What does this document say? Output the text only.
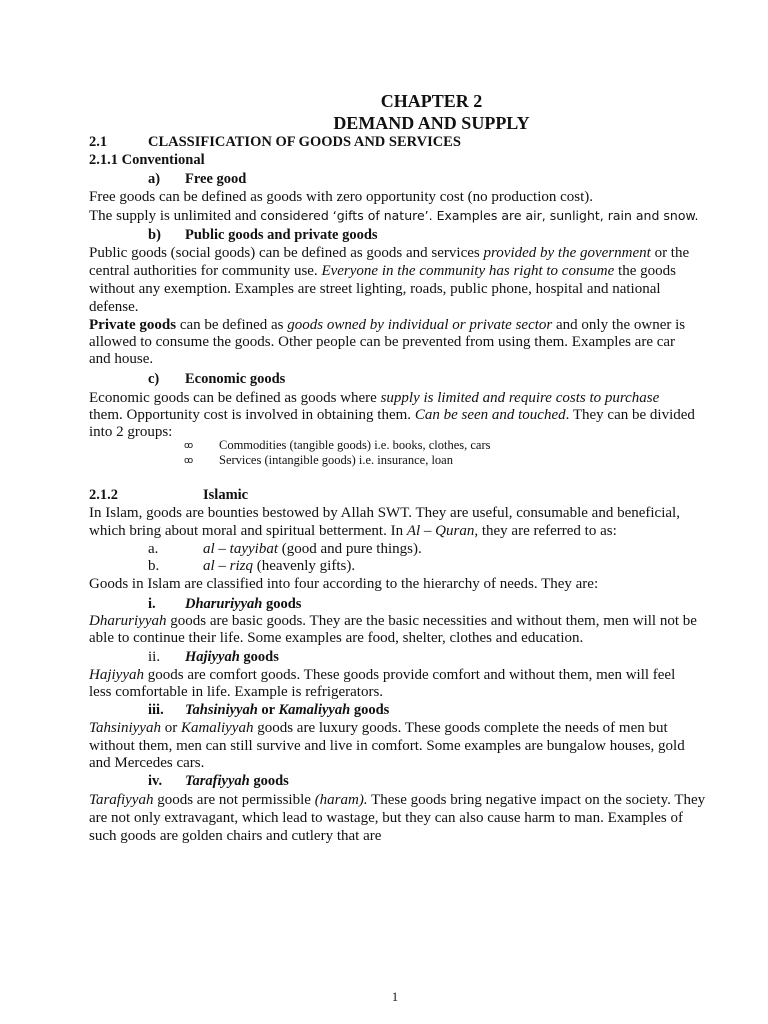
CHAPTER 2
DEMAND AND SUPPLY
2.1	CLASSIFICATION OF GOODS AND SERVICES
2.1.1 Conventional
a) Free good
Free goods can be defined as goods with zero opportunity cost (no production cost).
The supply is unlimited and considered ‘gifts of nature’. Examples are air, sunlight, rain and snow.
b) Public goods and private goods
Public goods (social goods) can be defined as goods and services provided by the government or the
central authorities for community use. Everyone in the community has right to consume the goods
without any exemption. Examples are street lighting, roads, public phone, hospital and national
defense.
Private goods can be defined as goods owned by individual or private sector and only the owner is
allowed to consume the goods. Other people can be prevented from using them. Examples are car
and house.
c) Economic goods
Economic goods can be defined as goods where supply is limited and require costs to purchase
them. Opportunity cost is involved in obtaining them. Can be seen and touched. They can be divided
into 2 groups:
ꝏ Commodities (tangible goods) i.e. books, clothes, cars
ꝏ Services (intangible goods) i.e. insurance, loan
2.1.2	Islamic
In Islam, goods are bounties bestowed by Allah SWT. They are useful, consumable and beneficial,
which bring about moral and spiritual betterment. In Al – Quran, they are referred to as:
a.	al – tayyibat (good and pure things).
b.	al – rizq (heavenly gifts).
Goods in Islam are classified into four according to the hierarchy of needs. They are:
i. Dharuriyyah goods
Dharuriyyah goods are basic goods. They are the basic necessities and without them, men will not be
able to continue their life. Some examples are food, shelter, clothes and education.
ii. Hajiyyah goods
Hajiyyah goods are comfort goods. These goods provide comfort and without them, men will feel
less comfortable in life. Example is refrigerators.
iii. Tahsiniyyah or Kamaliyyah goods
Tahsiniyyah or Kamaliyyah goods are luxury goods. These goods complete the needs of men but
without them, men can still survive and live in comfort. Some examples are bungalow houses, gold
and Mercedes cars.
iv. Tarafiyyah goods
Tarafiyyah goods are not permissible (haram). These goods bring negative impact on the society. They
are not only extravagant, which lead to wastage, but they can also cause harm to man. Examples of
such goods are golden chairs and cutlery that are
1
